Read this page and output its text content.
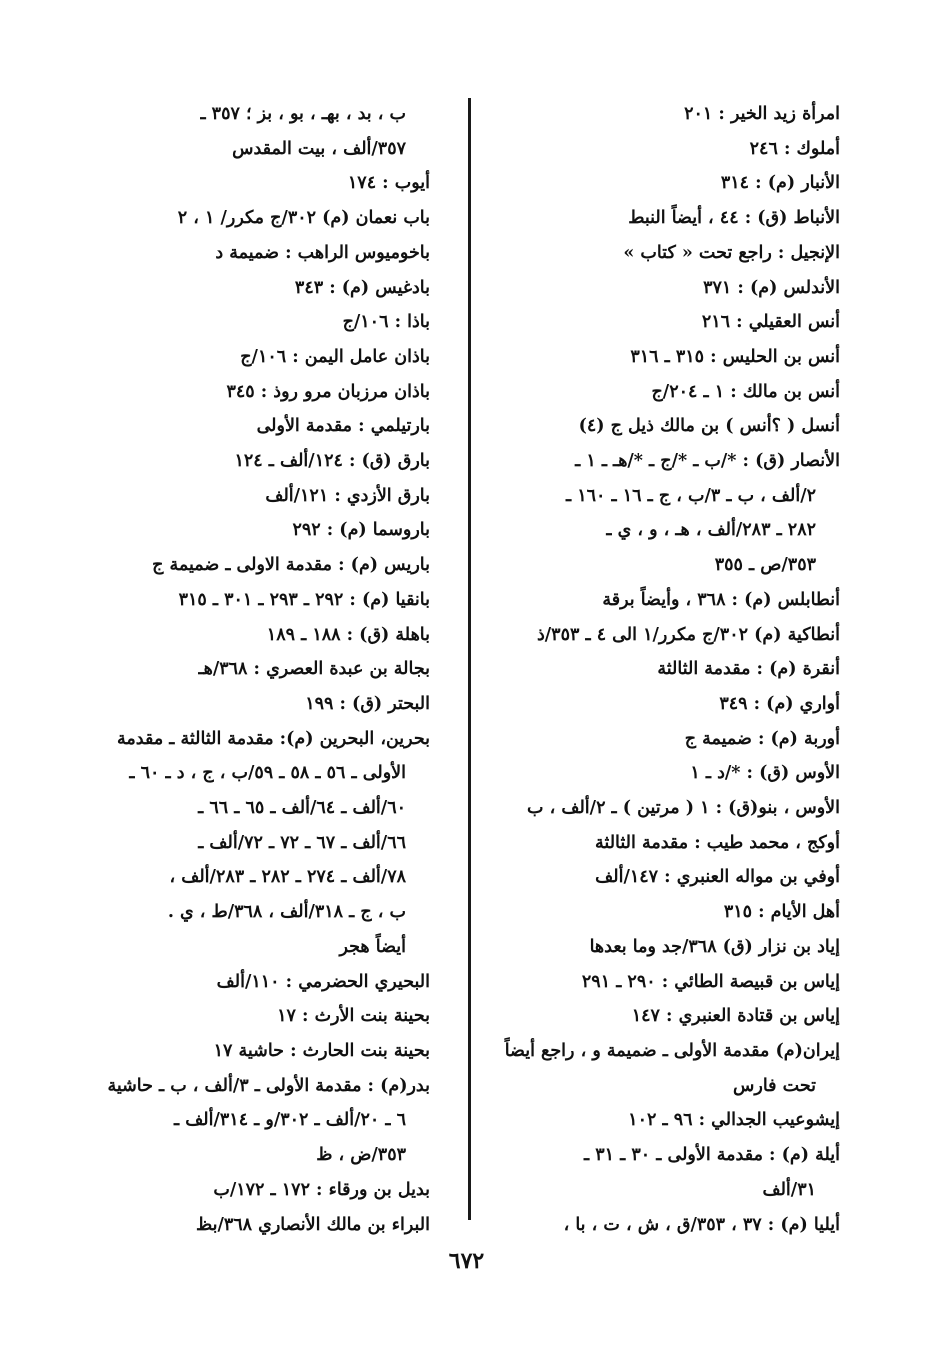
امرأة زيد الخير : ٢٠١
أملوك : ٢٤٦
الأنبار (م) : ٣١٤
الأنباط (ق) : ٤٤ ، أيضاً النبط
الإنجيل : راجع تحت « كتاب »
الأندلس (م) : ٣٧١
أنس العقيلي : ٢١٦
أنس بن الحليس : ٣١٥ ـ ٣١٦
أنس بن مالك : ١ ـ ٢٠٤/ج
أنسل ( ؟أنس ) بن مالك ذيل ج (٤)
الأنصار (ق) : *‏/ب ـ *‏/ج ـ *‏/هـ ـ ١ ـ
٢/ألف ، ب ـ ٣/ب ، ج ـ ١٦ ـ ١٦٠ ـ
٢٨٢ ـ ٢٨٣/ألف ، هـ ، و ، ي ـ
٣٥٣/ص ـ ٣٥٥
أنطابلس (م) : ٣٦٨ ، وأيضاً برقة
أنطاكية (م) ٣٠٢/ج مكرر/١ الى ٤ ـ ٣٥٣/ذ
أنقرة (م) : مقدمة الثالثة
أواري (م) : ٣٤٩
أوربة (م) : ضميمة ج
الأوس (ق) : *‏/د ـ ١
الأوس ، بنو(ق) : ١ ( مرتين ) ـ ٢/ألف ، ب
أوكج ، محمد طيب : مقدمة الثالثة
أوفي بن مواله العنبري : ١٤٧/ألف
أهل الأيام : ٣١٥
إياد بن نزار (ق) ٣٦٨/جد وما بعدها
إياس بن قبيصة الطائي : ٢٩٠ ـ ٢٩١
إياس بن قتادة العنبري : ١٤٧
إيران(م) مقدمة الأولى ـ ضميمة و ، راجع أيضاً
تحت فارس
إيشوعيب الجدالي : ٩٦ ـ ١٠٢
أيلة (م) : مقدمة الأولى ـ ٣٠ ـ ٣١ ـ
٣١/ألف
أيليا (م) : ٣٧ ، ٣٥٣/ق ، ش ، ت ، با ،
ب ، بد ، بهـ ، بو ، بز ؛ ٣٥٧ ـ
٣٥٧/ألف ، بيت المقدس
أيوب : ١٧٤
باب نعمان (م) ٣٠٢/ج مكرر/ ١ ، ٢
باخوميوس الراهب : ضميمة د
بادغيس (م) : ٣٤٣
باذا : ١٠٦/ج
باذان عامل اليمن : ١٠٦/ج
باذان مرزبان مرو روذ : ٣٤٥
بارتيلمي : مقدمة الأولى
بارق (ق) : ١٢٤/ألف ـ ١٢٤
بارق الأزدي : ١٢١/ألف
باروسما (م) : ٢٩٢
باريس (م) : مقدمة الاولى ـ ضميمة ج
بانقيا (م) : ٢٩٢ ـ ٢٩٣ ـ ٣٠١ ـ ٣١٥
باهلة (ق) : ١٨٨ ـ ١٨٩
بجالة بن عبدة العصري : ٣٦٨/هـ
البحتر (ق) : ١٩٩
بحرين، البحرين (م): مقدمة الثالثة ـ مقدمة
الأولى ـ ٥٦ ـ ٥٨ ـ ٥٩/ب ، ج ، د ـ ٦٠ ـ
٦٠/ألف ـ ٦٤/ألف ـ ٦٥ ـ ٦٦ ـ
٦٦/ألف ـ ٦٧ ـ ٧٢ ـ ٧٢/ألف ـ
٧٨/ألف ـ ٢٧٤ ـ ٢٨٢ ـ ٢٨٣/ألف ،
ب ، ج ـ ٣١٨/ألف ، ٣٦٨/ط ، ي .
أيضاً هجر
البحيري الحضرمي : ١١٠/ألف
بحينة بنت الأرث : ١٧
بحينة بنت الحارث : حاشية ١٧
بدر(م) : مقدمة الأولى ـ ٣/ألف ، ب ـ حاشية
٦ ـ ٢٠/ألف ـ ٣٠٢/و ـ ٣١٤/ألف ـ
٣٥٣/ض ، ظ
بديل بن ورقاء : ١٧٢ ـ ١٧٢/ب
البراء بن مالك الأنصاري ٣٦٨/بظ
٦٧٢
